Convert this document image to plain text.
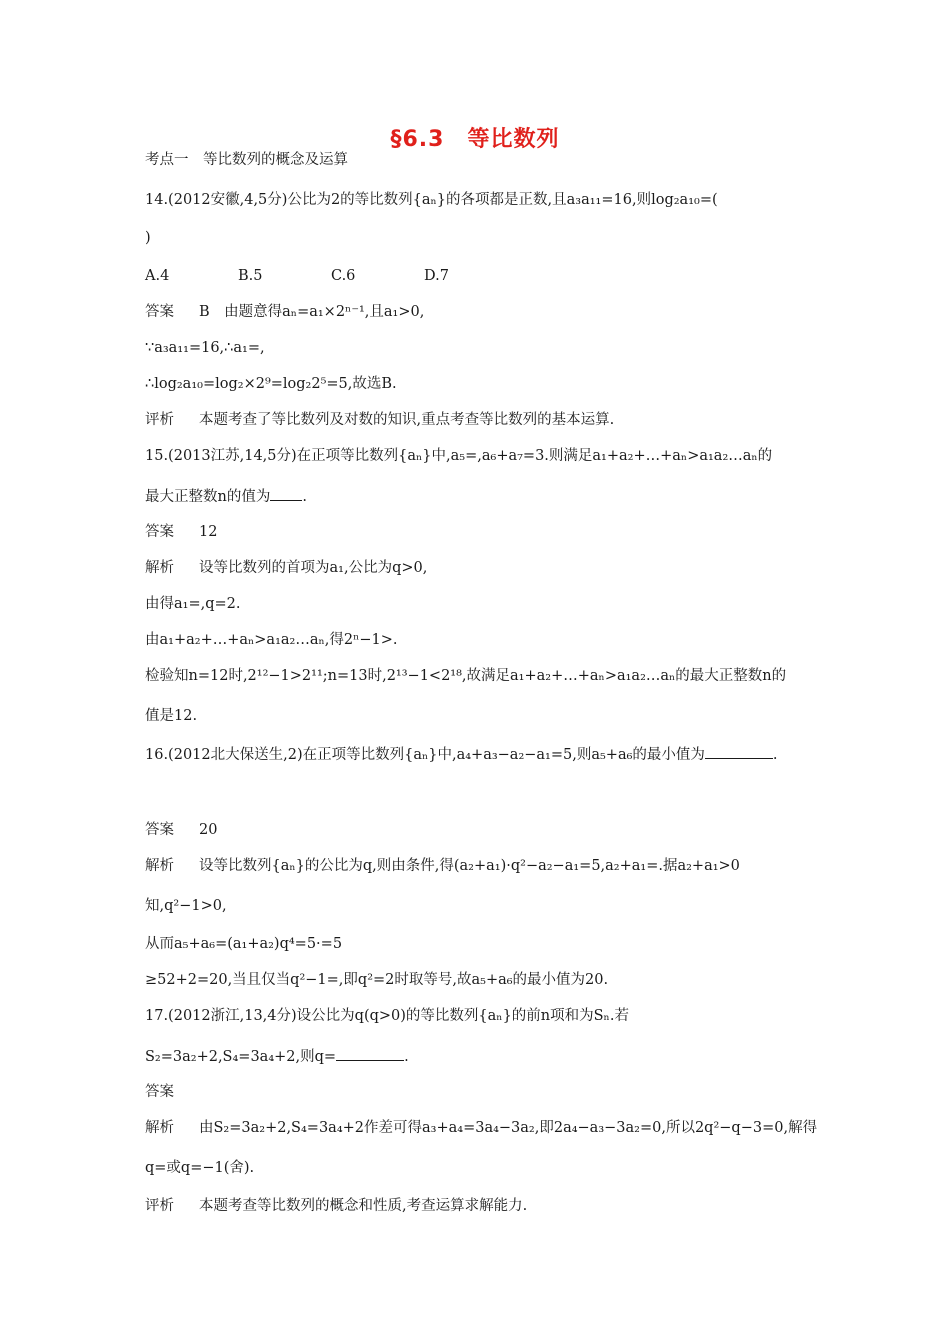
§6.3　等比数列
考点一　等比数列的概念及运算
14.(2012安徽,4,5分)公比为2的等比数列{aₙ}的各项都是正数,且a₃a₁₁=16,则log₂a₁₀=(
)
A.4	B.5	C.6	D.7
答案 B　由题意得aₙ=a₁×2ⁿ⁻¹,且a₁>0,
∵a₃a₁₁=16,∴a₁=,
∴log₂a₁₀=log₂×2⁹=log₂2⁵=5,故选B.
评析 本题考查了等比数列及对数的知识,重点考查等比数列的基本运算.
15.(2013江苏,14,5分)在正项等比数列{aₙ}中,a₅=,a₆+a₇=3.则满足a₁+a₂+…+aₙ>a₁a₂…aₙ的
最大正整数n的值为 .
答案 12
解析 设等比数列的首项为a₁,公比为q>0,
由得a₁=,q=2.
由a₁+a₂+…+aₙ>a₁a₂…aₙ,得2ⁿ−1>.
检验知n=12时,2¹²−1>2¹¹;n=13时,2¹³−1<2¹⁸,故满足a₁+a₂+…+aₙ>a₁a₂…aₙ的最大正整数n的
值是12.
16.(2012北大保送生,2)在正项等比数列{aₙ}中,a₄+a₃−a₂−a₁=5,则a₅+a₆的最小值为	.
答案 20
解析 设等比数列{aₙ}的公比为q,则由条件,得(a₂+a₁)·q²−a₂−a₁=5,a₂+a₁=.据a₂+a₁>0
知,q²−1>0,
从而a₅+a₆=(a₁+a₂)q⁴=5·=5
≥52+2=20,当且仅当q²−1=,即q²=2时取等号,故a₅+a₆的最小值为20.
17.(2012浙江,13,4分)设公比为q(q>0)的等比数列{aₙ}的前n项和为Sₙ.若
S₂=3a₂+2,S₄=3a₄+2,则q=	.
答案
解析 由S₂=3a₂+2,S₄=3a₄+2作差可得a₃+a₄=3a₄−3a₂,即2a₄−a₃−3a₂=0,所以2q²−q−3=0,解得
q=或q=−1(舍).
评析 本题考查等比数列的概念和性质,考查运算求解能力.
